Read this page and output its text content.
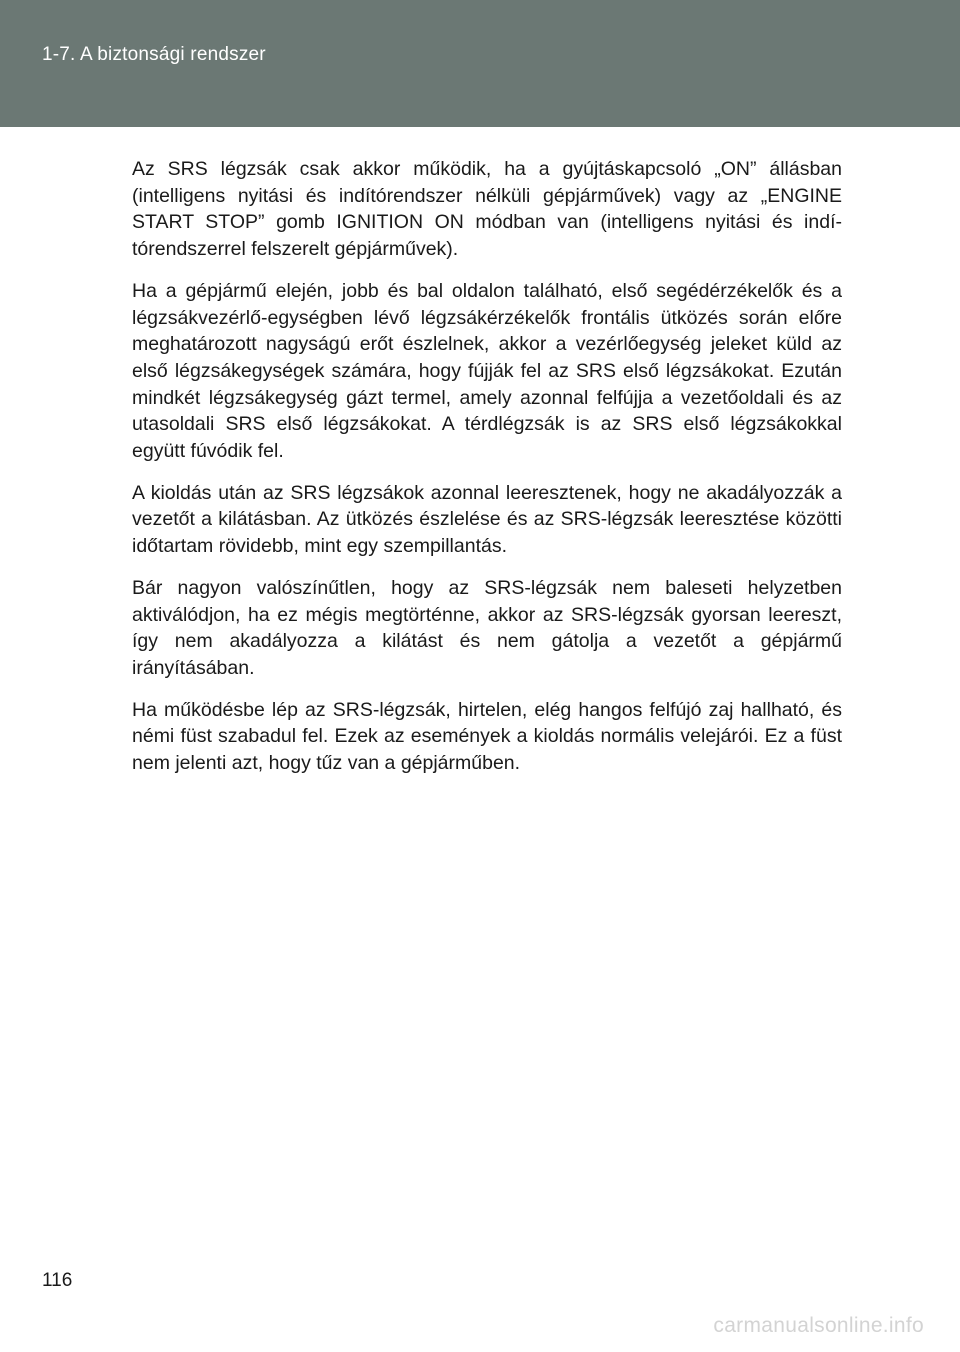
1-7. A biztonsági rendszer

Az SRS légzsák csak akkor működik, ha a gyújtáskapcsoló „ON” állásban (intelligens nyitási és indítórendszer nélküli gépjárművek) vagy az „ENGINE START STOP” gomb IGNITION ON módban van (intelligens nyitási és indítórendszerrel felszerelt gépjárművek).

Ha a gépjármű elején, jobb és bal oldalon található, első segédérzékelők és a légzsákvezérlő-egységben lévő légzsákérzékelők frontális ütközés során előre meghatározott nagyságú erőt észlelnek, akkor a vezérlőegység jeleket küld az első légzsákegységek számára, hogy fújják fel az SRS első légzsákokat. Ezután mindkét légzsákegység gázt termel, amely azonnal felfújja a vezetőoldali és az utasoldali SRS első légzsákokat. A térdlégzsák is az SRS első légzsákokkal együtt fúvódik fel.

A kioldás után az SRS légzsákok azonnal leeresztenek, hogy ne akadályozzák a vezetőt a kilátásban. Az ütközés észlelése és az SRS-légzsák leeresztése közötti időtartam rövidebb, mint egy szempillantás.

Bár nagyon valószínűtlen, hogy az SRS-légzsák nem baleseti helyzetben aktiválódjon, ha ez mégis megtörténne, akkor az SRS-légzsák gyorsan leereszt, így nem akadályozza a kilátást és nem gátolja a vezetőt a gépjármű irányításában.

Ha működésbe lép az SRS-légzsák, hirtelen, elég hangos felfújó zaj hallható, és némi füst szabadul fel. Ezek az események a kioldás normális velejárói. Ez a füst nem jelenti azt, hogy tűz van a gépjárműben.

116
carmanualsonline.info
